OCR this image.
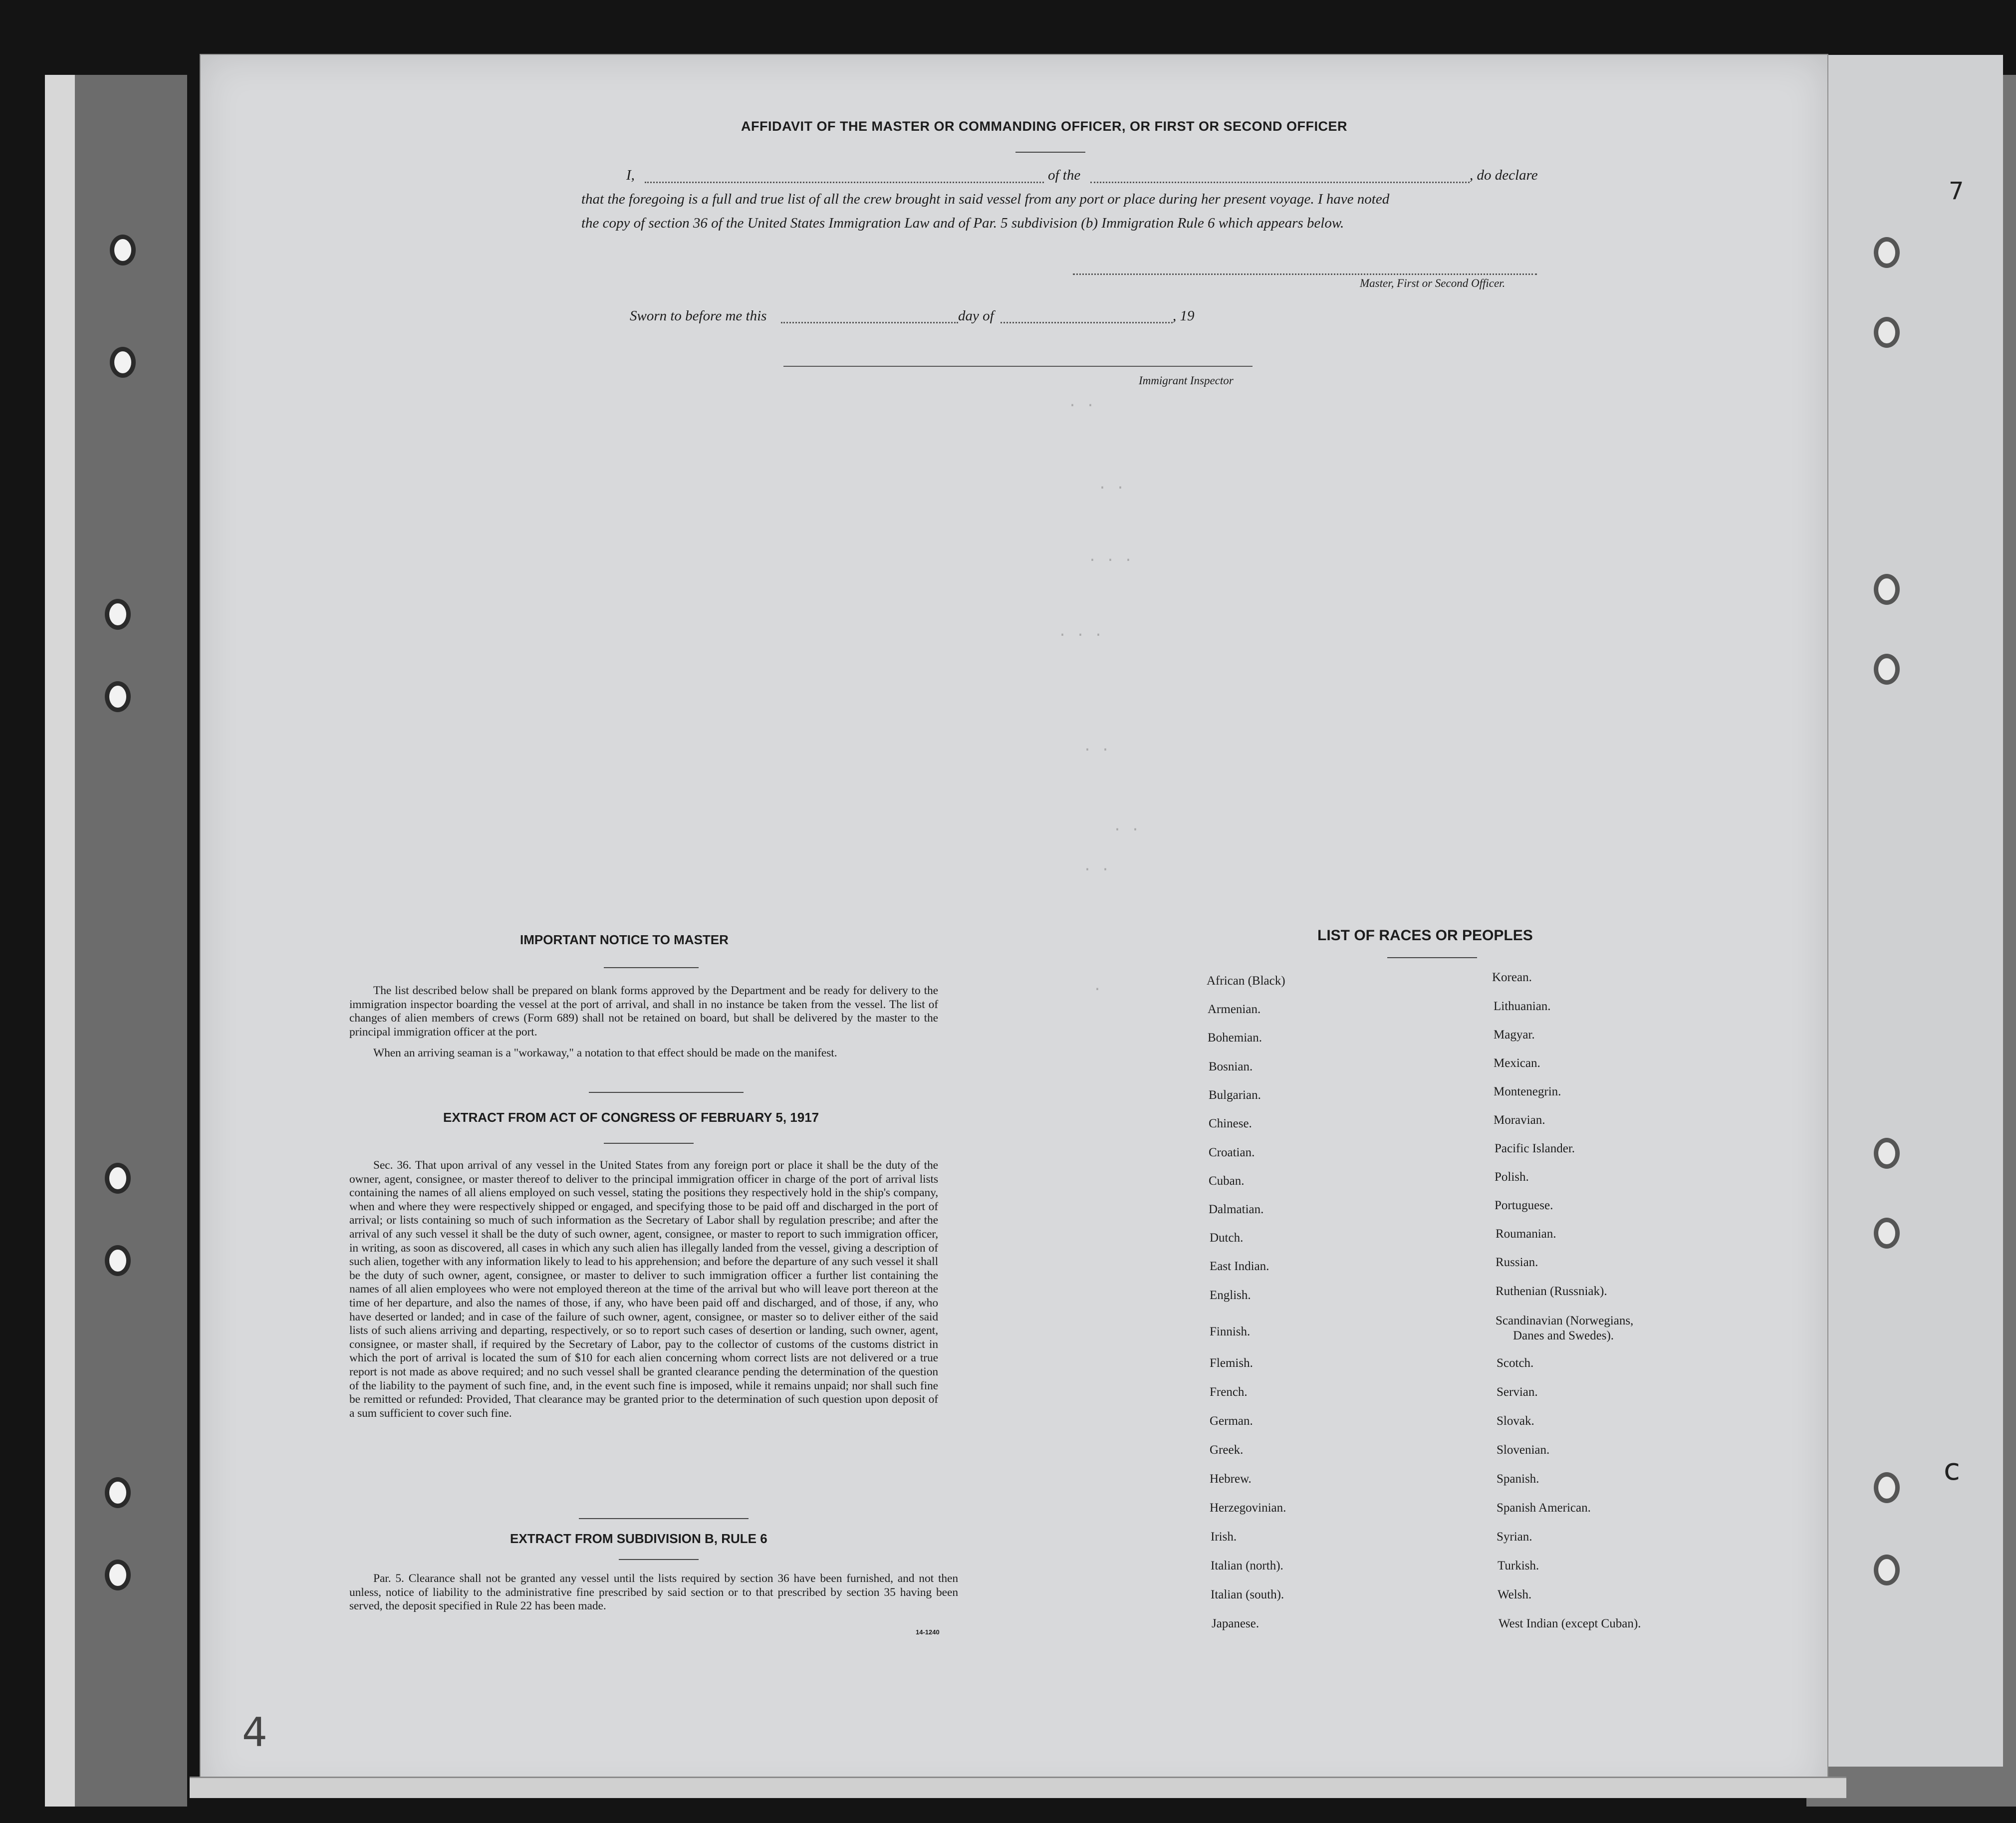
. .
. .
. . .
. . .
. .
. .
. .
.
AFFIDAVIT OF THE MASTER OR COMMANDING OFFICER, OR FIRST OR SECOND OFFICER
I,	of the	, do declare
that the foregoing is a full and true list of all the crew brought in said vessel from any port or place during her present voyage. I have noted
the copy of section 36 of the United States Immigration Law and of Par. 5 subdivision (b) Immigration Rule 6 which appears below.
Master, First or Second Officer.
Sworn to before me this	day of	, 19
Immigrant Inspector
IMPORTANT NOTICE TO MASTER
The list described below shall be prepared on blank forms approved by the Department and be ready for delivery to the immigration inspector boarding the vessel at the port of arrival, and shall in no instance be taken from the vessel. The list of changes of alien members of crews (Form 689) shall not be retained on board, but shall be delivered by the master to the principal immigration officer at the port.
When an arriving seaman is a "workaway," a notation to that effect should be made on the manifest.
EXTRACT FROM ACT OF CONGRESS OF FEBRUARY 5, 1917
Sec. 36. That upon arrival of any vessel in the United States from any foreign port or place it shall be the duty of the owner, agent, consignee, or master thereof to deliver to the principal immigration officer in charge of the port of arrival lists containing the names of all aliens employed on such vessel, stating the positions they respectively hold in the ship's company, when and where they were respectively shipped or engaged, and specifying those to be paid off and discharged in the port of arrival; or lists containing so much of such information as the Secretary of Labor shall by regulation prescribe; and after the arrival of any such vessel it shall be the duty of such owner, agent, consignee, or master to report to such immigration officer, in writing, as soon as discovered, all cases in which any such alien has illegally landed from the vessel, giving a description of such alien, together with any information likely to lead to his apprehension; and before the departure of any such vessel it shall be the duty of such owner, agent, consignee, or master to deliver to such immigration officer a further list containing the names of all alien employees who were not employed thereon at the time of the arrival but who will leave port thereon at the time of her departure, and also the names of those, if any, who have been paid off and discharged, and of those, if any, who have deserted or landed; and in case of the failure of such owner, agent, consignee, or master so to deliver either of the said lists of such aliens arriving and departing, respectively, or so to report such cases of desertion or landing, such owner, agent, consignee, or master shall, if required by the Secretary of Labor, pay to the collector of customs of the customs district in which the port of arrival is located the sum of $10 for each alien concerning whom correct lists are not delivered or a true report is not made as above required; and no such vessel shall be granted clearance pending the determination of the question of the liability to the payment of such fine, and, in the event such fine is imposed, while it remains unpaid; nor shall such fine be remitted or refunded: Provided, That clearance may be granted prior to the determination of such question upon deposit of a sum sufficient to cover such fine.
EXTRACT FROM SUBDIVISION B, RULE 6
Par. 5. Clearance shall not be granted any vessel until the lists required by section 36 have been furnished, and not then unless, notice of liability to the administrative fine prescribed by said section or to that prescribed by section 35 having been served, the deposit specified in Rule 22 has been made.
14-1240
LIST OF RACES OR PEOPLES
African (Black)
Armenian.
Bohemian.
Bosnian.
Bulgarian.
Chinese.
Croatian.
Cuban.
Dalmatian.
Dutch.
East Indian.
English.
Finnish.
Flemish.
French.
German.
Greek.
Hebrew.
Herzegovinian.
Irish.
Italian (north).
Italian (south).
Japanese.
Korean.
Lithuanian.
Magyar.
Mexican.
Montenegrin.
Moravian.
Pacific Islander.
Polish.
Portuguese.
Roumanian.
Russian.
Ruthenian (Russniak).
Scandinavian (Norwegians,
Danes and Swedes).
Scotch.
Servian.
Slovak.
Slovenian.
Spanish.
Spanish American.
Syrian.
Turkish.
Welsh.
West Indian (except Cuban).
4
7
c
